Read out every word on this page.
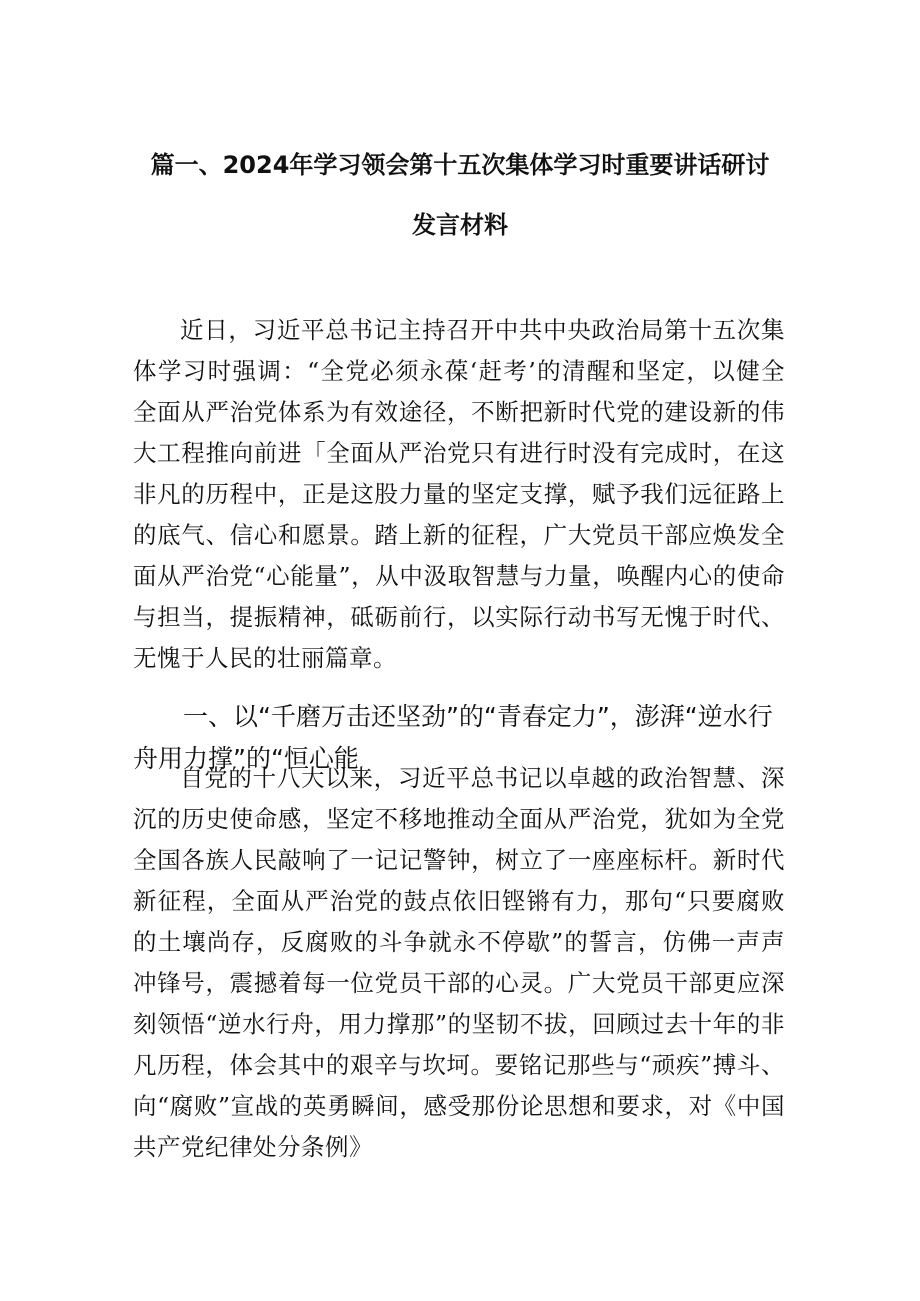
篇一、2024年学习领会第十五次集体学习时重要讲话研讨
发言材料

近日，习近平总书记主持召开中共中央政治局第十五次集体学习时强调：“全党必须永葆‘赶考’的清醒和坚定，以健全全面从严治党体系为有效途径，不断把新时代党的建设新的伟大工程推向前进「全面从严治党只有进行时没有完成时，在这非凡的历程中，正是这股力量的坚定支撑，赋予我们远征路上的底气、信心和愿景。踏上新的征程，广大党员干部应焕发全面从严治党“心能量”，从中汲取智慧与力量，唤醒内心的使命与担当，提振精神，砥砺前行，以实际行动书写无愧于时代、无愧于人民的壮丽篇章。

一、以“千磨万击还坚劲”的“青春定力”，澎湃“逆水行舟用力撑”的“恒心能

自党的十八大以来，习近平总书记以卓越的政治智慧、深沉的历史使命感，坚定不移地推动全面从严治党，犹如为全党全国各族人民敲响了一记记警钟，树立了一座座标杆。新时代新征程，全面从严治党的鼓点依旧铿锵有力，那句“只要腐败的土壤尚存，反腐败的斗争就永不停歇”的誓言，仿佛一声声冲锋号，震撼着每一位党员干部的心灵。广大党员干部更应深刻领悟“逆水行舟，用力撑那”的坚韧不拔，回顾过去十年的非凡历程，体会其中的艰辛与坎坷。要铭记那些与“顽疾”搏斗、向“腐败”宣战的英勇瞬间，感受那份论思想和要求，对《中国共产党纪律处分条例》
